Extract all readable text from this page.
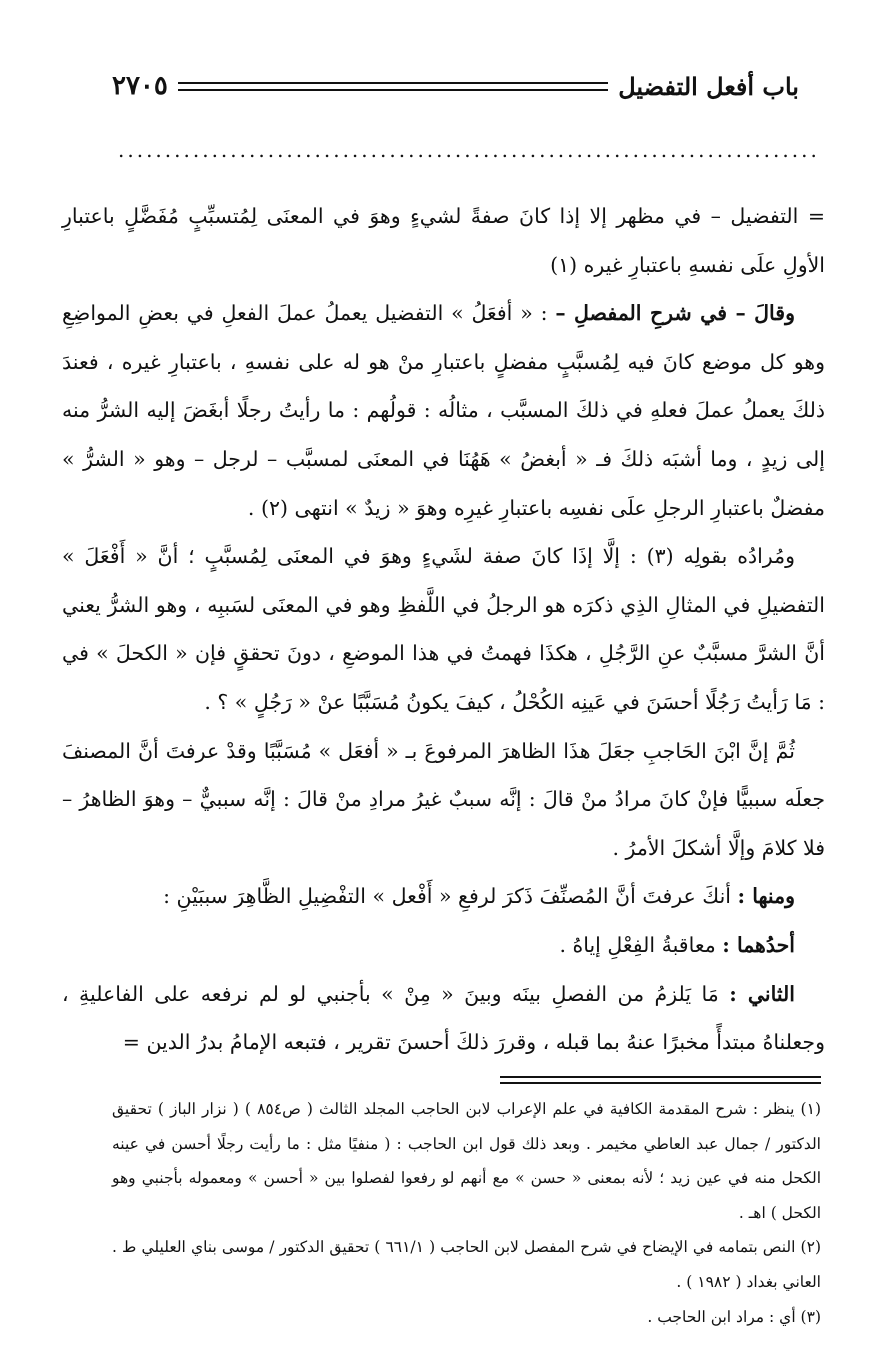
باب أفعل التفضيل
٢٧٠٥
...........................................................................

= التفضيل – في مظهر إلا إذا كانَ صفةً لشيءٍ وهوَ في المعنَى لِمُتسبِّبٍ مُفَضَّلٍ باعتبارِ الأولِ علَى نفسهِ باعتبارِ غيره (١)

وقالَ – في شرحِ المفصلِ – : « أفعَلُ » التفضيل يعملُ عملَ الفعلِ في بعضِ المواضِعِ وهو كل موضع كانَ فيه لِمُسبَّبٍ مفضلٍ باعتبارِ منْ هو له على نفسهِ ، باعتبارِ غيره ، فعندَ ذلكَ يعملُ عملَ فعلهِ في ذلكَ المسبَّب ، مثالُه : قولُهم : ما رأيتُ رجلًا أبغَضَ إليه الشرُّ منه إلى زيدٍ ، وما أشبَه ذلكَ فـ « أبغضُ » هَهُنَا في المعنَى لمسبَّب – لرجل – وهو « الشرُّ » مفضلٌ باعتبارِ الرجلِ علَى نفسِه باعتبارِ غيرِه وهوَ « زيدٌ » انتهى (٢) .

ومُرادُه بقولِه (٣) : إلَّا إذَا كانَ صفة لشَيءٍ وهوَ في المعنَى لِمُسبَّبٍ ؛ أنَّ « أَفْعَلَ » التفضيلِ في المثالِ الذِي ذكرَه هو الرجلُ في اللَّفظِ وهو في المعنَى لسَببِه ، وهو الشرُّ يعني أنَّ الشرَّ مسبَّبٌ عنِ الرَّجُلِ ، هكذَا فهمتُ في هذا الموضعِ ، دونَ تحققٍ فإن « الكحلَ » في : مَا رَأيتُ رَجُلًا أحسَنَ في عَينِه الكُحْلُ ، كيفَ يكونُ مُسَبَّبًا عنْ « رَجُلٍ » ؟ .

ثُمَّ إنَّ ابْنَ الحَاجبِ جعَلَ هذَا الظاهرَ المرفوعَ بـ « أفعَل » مُسَبَّبًا وقدْ عرفتَ أنَّ المصنفَ جعلَه سببيًّا فإنْ كانَ مرادُ منْ قالَ : إنَّه سببٌ غيرُ مرادِ منْ قالَ : إنَّه سببيٌّ – وهوَ الظاهرُ – فلا كلامَ وإلَّا أشكلَ الأمرُ .

ومنها : أنكَ عرفتَ أنَّ المُصنِّفَ ذَكرَ لرفعِ « أَفْعل » التفْضِيلِ الظَّاهِرَ سببَيْنِ :

أحدُهما : معاقبةُ الفِعْلِ إياهُ .

الثاني : مَا يَلزمُ من الفصلِ بينَه وبينَ « مِنْ » بأجنبي لو لم نرفعه على الفاعليةِ ، وجعلناهُ مبتدأً مخبرًا عنهُ بما قبله ، وقررَ ذلكَ أحسنَ تقرير ، فتبعه الإمامُ بدرُ الدين =

(١) ينظر : شرح المقدمة الكافية في علم الإعراب لابن الحاجب المجلد الثالث ( ص٨٥٤ ) ( نزار الباز ) تحقيق الدكتور / جمال عبد العاطي مخيمر . وبعد ذلك قول ابن الحاجب : ( منفيًا مثل : ما رأيت رجلًا أحسن في عينه الكحل منه في عين زيد ؛ لأنه بمعنى « حسن » مع أنهم لو رفعوا لفصلوا بين « أحسن » ومعموله بأجنبي وهو الكحل ) اهـ .

(٢) النص بتمامه في الإيضاح في شرح المفصل لابن الحاجب ( ٦٦١/١ ) تحقيق الدكتور / موسى بناي العليلي ط . العاني بغداد ( ١٩٨٢ ) .

(٣) أي : مراد ابن الحاجب .
